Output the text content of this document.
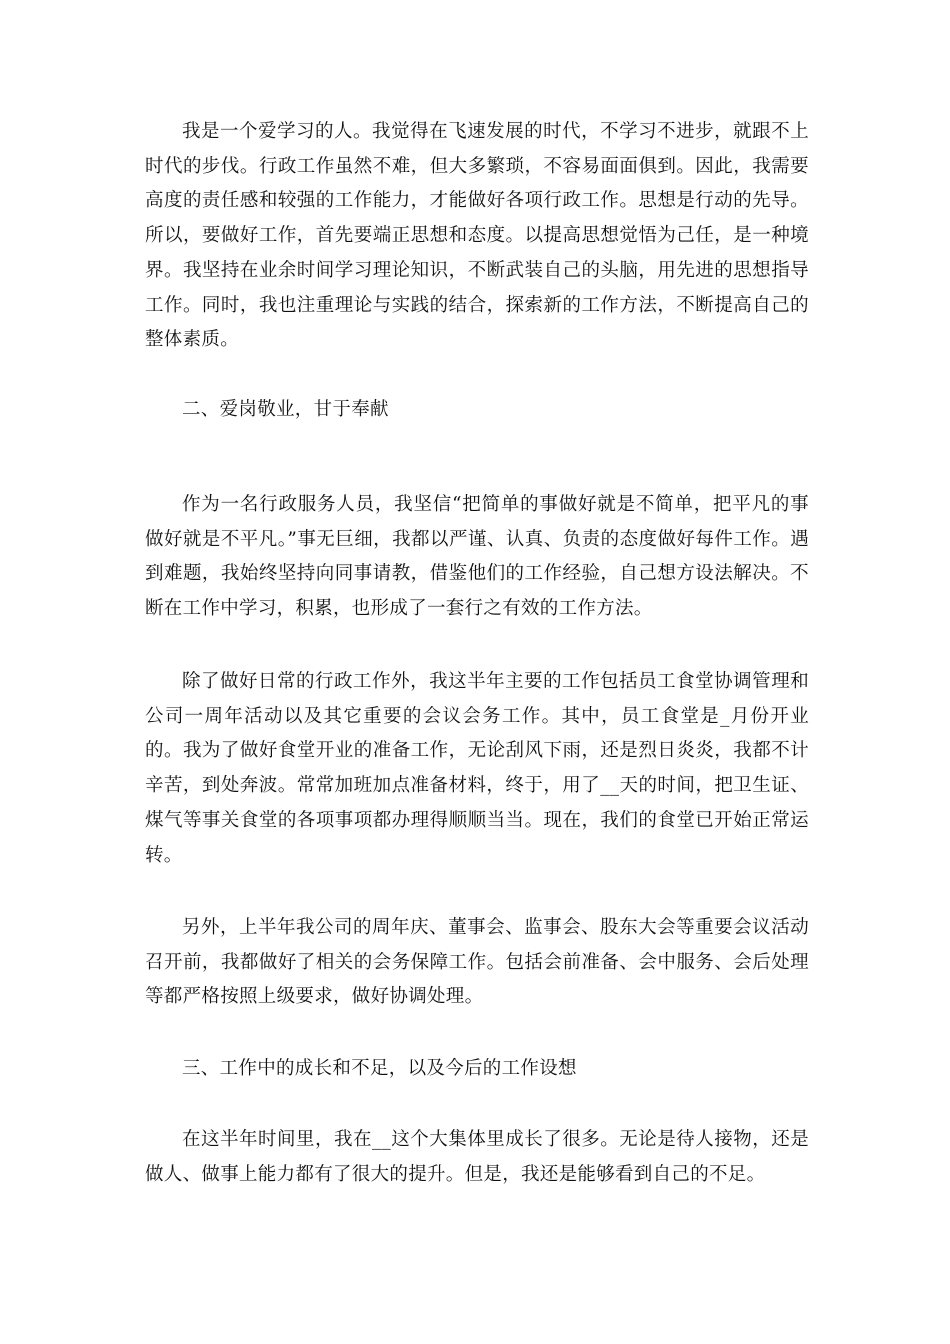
我是一个爱学习的人。我觉得在飞速发展的时代，不学习不进步，就跟不上时代的步伐。行政工作虽然不难，但大多繁琐，不容易面面俱到。因此，我需要高度的责任感和较强的工作能力，才能做好各项行政工作。思想是行动的先导。所以，要做好工作，首先要端正思想和态度。以提高思想觉悟为己任，是一种境界。我坚持在业余时间学习理论知识，不断武装自己的头脑，用先进的思想指导工作。同时，我也注重理论与实践的结合，探索新的工作方法，不断提高自己的整体素质。

二、爱岗敬业，甘于奉献

作为一名行政服务人员，我坚信“把简单的事做好就是不简单，把平凡的事做好就是不平凡。”事无巨细，我都以严谨、认真、负责的态度做好每件工作。遇到难题，我始终坚持向同事请教，借鉴他们的工作经验，自己想方设法解决。不断在工作中学习，积累，也形成了一套行之有效的工作方法。

除了做好日常的行政工作外，我这半年主要的工作包括员工食堂协调管理和公司一周年活动以及其它重要的会议会务工作。其中，员工食堂是_月份开业的。我为了做好食堂开业的准备工作，无论刮风下雨，还是烈日炎炎，我都不计辛苦，到处奔波。常常加班加点准备材料，终于，用了__天的时间，把卫生证、煤气等事关食堂的各项事项都办理得顺顺当当。现在，我们的食堂已开始正常运转。

另外，上半年我公司的周年庆、董事会、监事会、股东大会等重要会议活动召开前，我都做好了相关的会务保障工作。包括会前准备、会中服务、会后处理等都严格按照上级要求，做好协调处理。

三、工作中的成长和不足，以及今后的工作设想

在这半年时间里，我在__这个大集体里成长了很多。无论是待人接物，还是做人、做事上能力都有了很大的提升。但是，我还是能够看到自己的不足。
